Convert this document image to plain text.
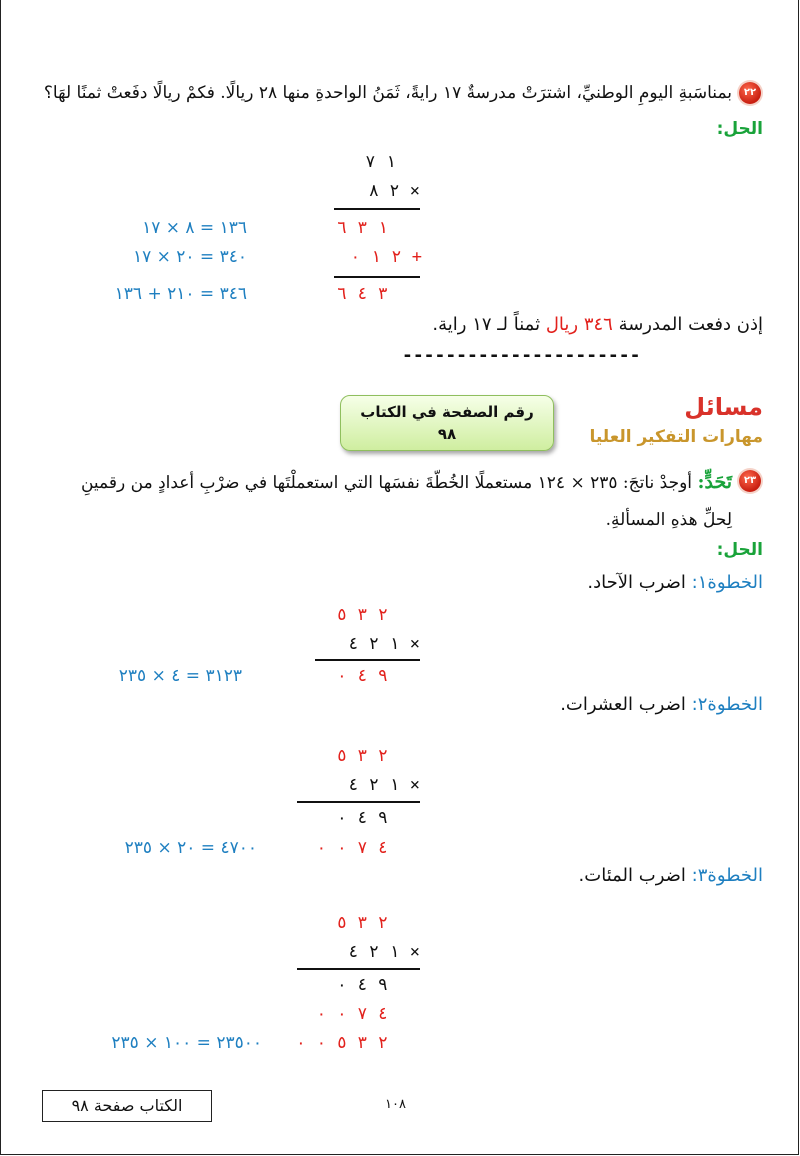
٢٢
بمناسَبةِ اليومِ الوطنيِّ، اشترَتْ مدرسةٌ ١٧ رايةً، ثَمَنُ الواحدةِ منها ٢٨ ريالًا. فكمْ ريالًا دفَعتْ ثمنًا لهَا؟
الحل:
١ ٧
٢ ٨ ×
١ ٣ ٦
٢ ١ ٠ +
٣ ٤ ٦
١٣٦ = ٨ × ١٧
٣٤٠ = ٢٠ × ١٧
٣٤٦ = ٢١٠ + ١٣٦
إذن دفعت المدرسة ٣٤٦ ريال ثمناً لـ ١٧ راية.
----------------------
مسائل
مهارات التفكير العليا
رقم الصفحة في الكتاب
٩٨
٢٣
تَحَدٍّ: أوجدْ ناتجَ: ٢٣٥ × ١٢٤ مستعملًا الخُطّةَ نفسَها التي استعملْتَها في ضرْبِ أعدادٍ من رقمينِ
لِحلِّ هذهِ المسألةِ.
الحل:
الخطوة١: اضرب الآحاد.
٢ ٣ ٥
١ ٢ ٤ ×
٩ ٤ ٠
٣١٢٣ = ٤ × ٢٣٥
الخطوة٢: اضرب العشرات.
٢ ٣ ٥
١ ٢ ٤ ×
٩ ٤ ٠
٤ ٧ ٠ ٠
٤٧٠٠ = ٢٠ × ٢٣٥
الخطوة٣: اضرب المئات.
٢ ٣ ٥
١ ٢ ٤ ×
٩ ٤ ٠
٤ ٧ ٠ ٠
٢ ٣ ٥ ٠ ٠
٢٣٥٠٠ = ١٠٠ × ٢٣٥
١٠٨
الكتاب صفحة ٩٨
